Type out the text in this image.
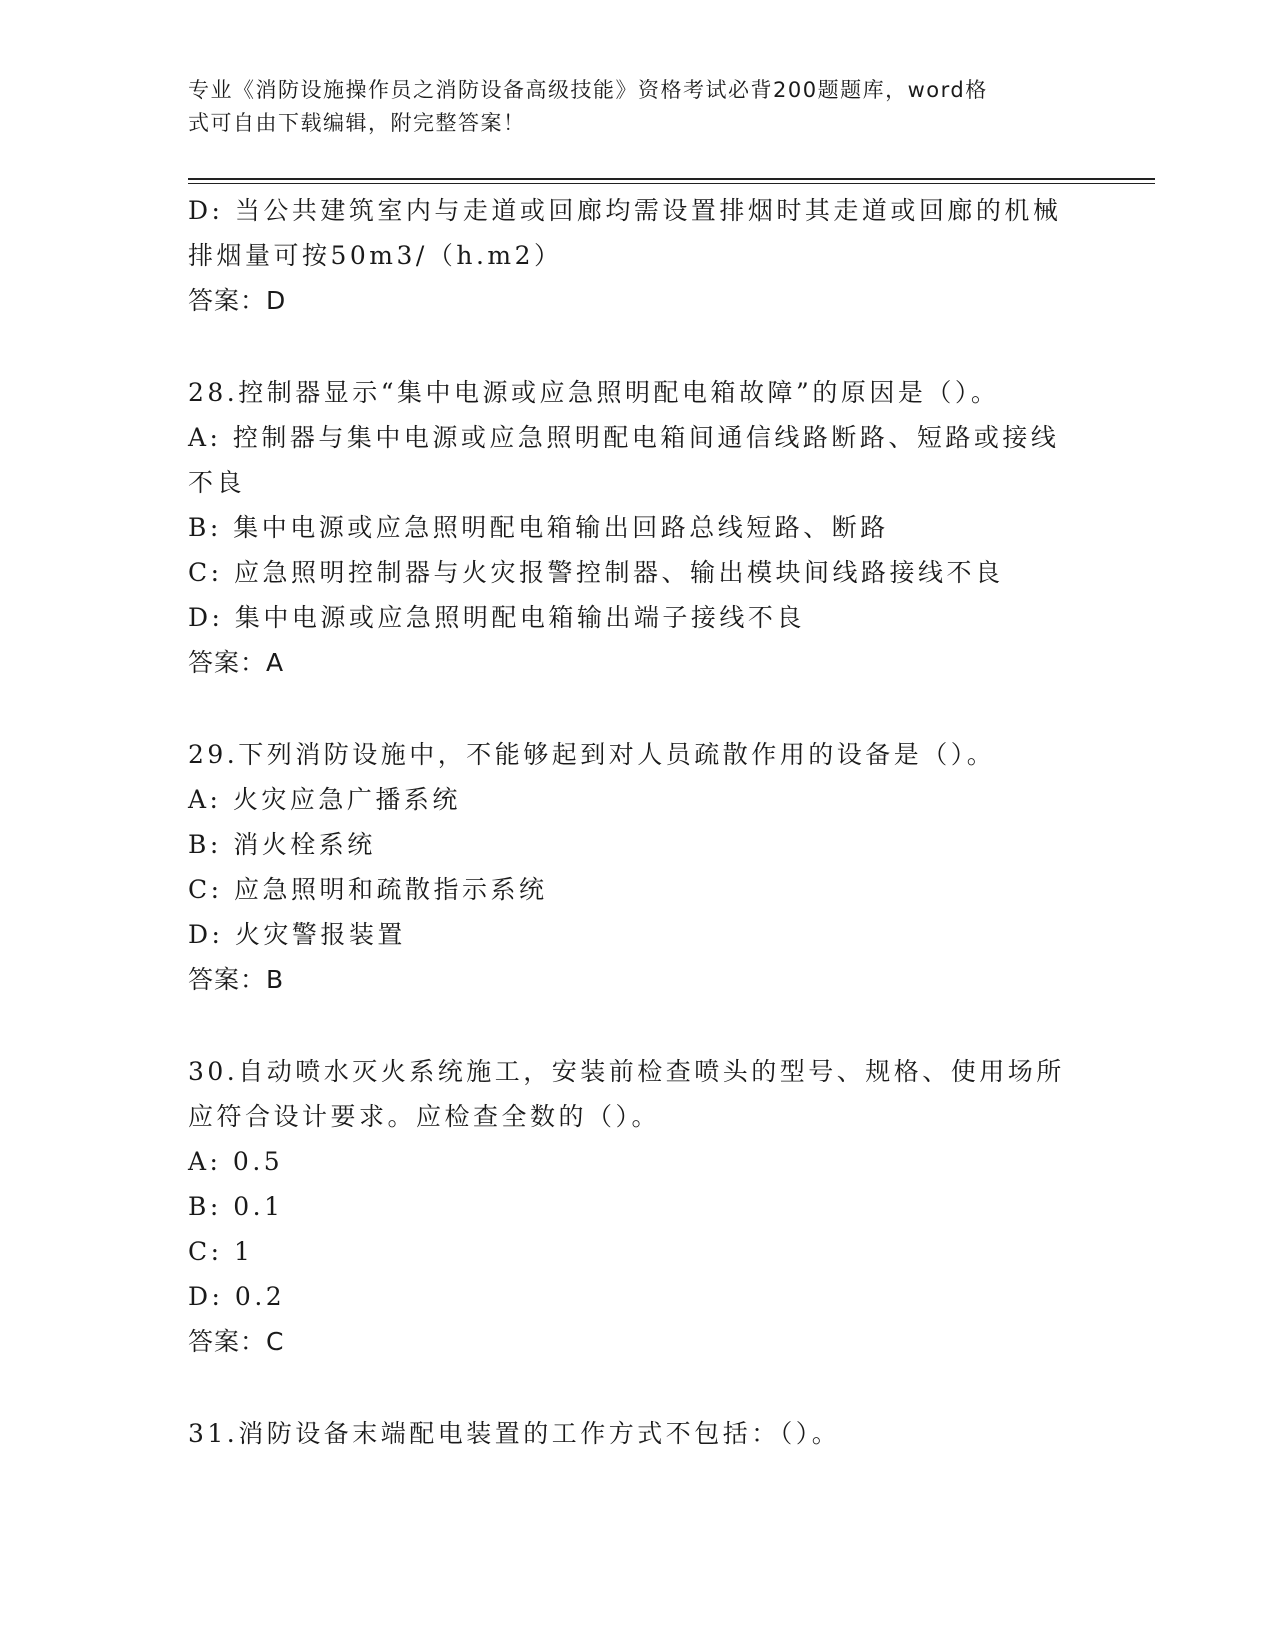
专业《消防设施操作员之消防设备高级技能》资格考试必背200题题库，word格
式可自由下载编辑，附完整答案！
D: 当公共建筑室内与走道或回廊均需设置排烟时其走道或回廊的机械
排烟量可按50m3/（h.m2）
答案：D
28.控制器显示“集中电源或应急照明配电箱故障”的原因是（）。
A: 控制器与集中电源或应急照明配电箱间通信线路断路、短路或接线
不良
B: 集中电源或应急照明配电箱输出回路总线短路、断路
C: 应急照明控制器与火灾报警控制器、输出模块间线路接线不良
D: 集中电源或应急照明配电箱输出端子接线不良
答案：A
29.下列消防设施中，不能够起到对人员疏散作用的设备是（）。
A: 火灾应急广播系统
B: 消火栓系统
C: 应急照明和疏散指示系统
D: 火灾警报装置
答案：B
30.自动喷水灭火系统施工，安装前检查喷头的型号、规格、使用场所
应符合设计要求。应检查全数的（）。
A: 0.5
B: 0.1
C: 1
D: 0.2
答案：C
31.消防设备末端配电装置的工作方式不包括：（）。
